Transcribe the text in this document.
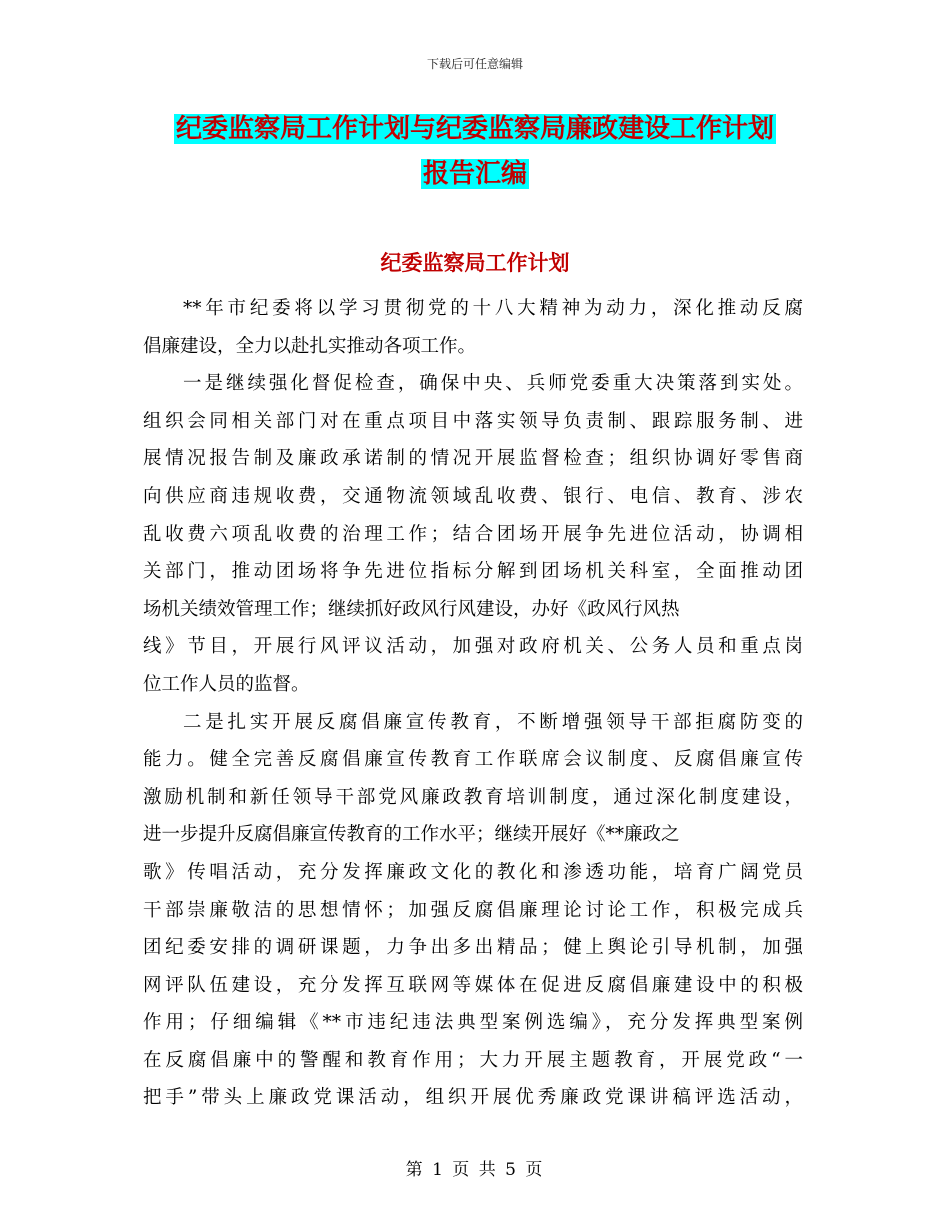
下载后可任意编辑
纪委监察局工作计划与纪委监察局廉政建设工作计划
报告汇编
纪委监察局工作计划
**年市纪委将以学习贯彻党的十八大精神为动力，深化推动反腐
倡廉建设，全力以赴扎实推动各项工作。
一是继续强化督促检查，确保中央、兵师党委重大决策落到实处。
组织会同相关部门对在重点项目中落实领导负责制、跟踪服务制、进
展情况报告制及廉政承诺制的情况开展监督检查；组织协调好零售商
向供应商违规收费，交通物流领域乱收费、银行、电信、教育、涉农
乱收费六项乱收费的治理工作；结合团场开展争先进位活动，协调相
关部门，推动团场将争先进位指标分解到团场机关科室，全面推动团
场机关绩效管理工作；继续抓好政风行风建设，办好《政风行风热
线》节目，开展行风评议活动，加强对政府机关、公务人员和重点岗
位工作人员的监督。
二是扎实开展反腐倡廉宣传教育，不断增强领导干部拒腐防变的
能力。健全完善反腐倡廉宣传教育工作联席会议制度、反腐倡廉宣传
激励机制和新任领导干部党风廉政教育培训制度，通过深化制度建设，
进一步提升反腐倡廉宣传教育的工作水平；继续开展好《**廉政之
歌》传唱活动，充分发挥廉政文化的教化和渗透功能，培育广阔党员
干部崇廉敬洁的思想情怀；加强反腐倡廉理论讨论工作，积极完成兵
团纪委安排的调研课题，力争出多出精品；健上舆论引导机制，加强
网评队伍建设，充分发挥互联网等媒体在促进反腐倡廉建设中的积极
作用；仔细编辑《**市违纪违法典型案例选编》，充分发挥典型案例
在反腐倡廉中的警醒和教育作用；大力开展主题教育，开展党政“一
把手”带头上廉政党课活动，组织开展优秀廉政党课讲稿评选活动，
第 1 页 共 5 页
